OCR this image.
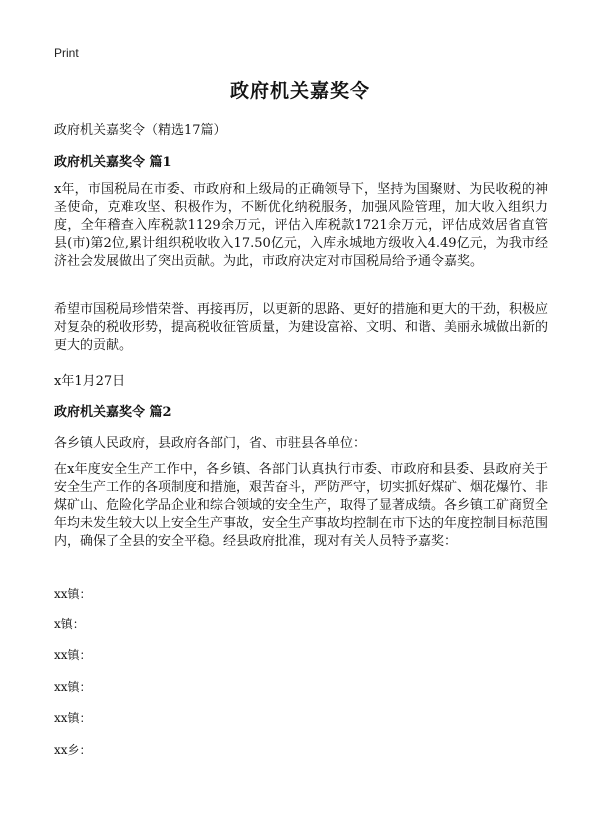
Print
政府机关嘉奖令
政府机关嘉奖令（精选17篇）
政府机关嘉奖令 篇1
x年，市国税局在市委、市政府和上级局的正确领导下，坚持为国聚财、为民收税的神圣使命，克难攻坚、积极作为，不断优化纳税服务，加强风险管理，加大收入组织力度，全年稽查入库税款1129余万元，评估入库税款1721余万元，评估成效居省直管县(市)第2位,累计组织税收收入17.50亿元，入库永城地方级收入4.49亿元，为我市经济社会发展做出了突出贡献。为此，市政府决定对市国税局给予通令嘉奖。
希望市国税局珍惜荣誉、再接再厉，以更新的思路、更好的措施和更大的干劲，积极应对复杂的税收形势，提高税收征管质量，为建设富裕、文明、和谐、美丽永城做出新的更大的贡献。
x年1月27日
政府机关嘉奖令 篇2
各乡镇人民政府，县政府各部门，省、市驻县各单位：
在x年度安全生产工作中，各乡镇、各部门认真执行市委、市政府和县委、县政府关于安全生产工作的各项制度和措施，艰苦奋斗，严防严守，切实抓好煤矿、烟花爆竹、非煤矿山、危险化学品企业和综合领域的安全生产，取得了显著成绩。各乡镇工矿商贸全年均未发生较大以上安全生产事故，安全生产事故均控制在市下达的年度控制目标范围内，确保了全县的安全平稳。经县政府批准，现对有关人员特予嘉奖：
xx镇：
x镇：
xx镇：
xx镇：
xx镇：
xx乡：
